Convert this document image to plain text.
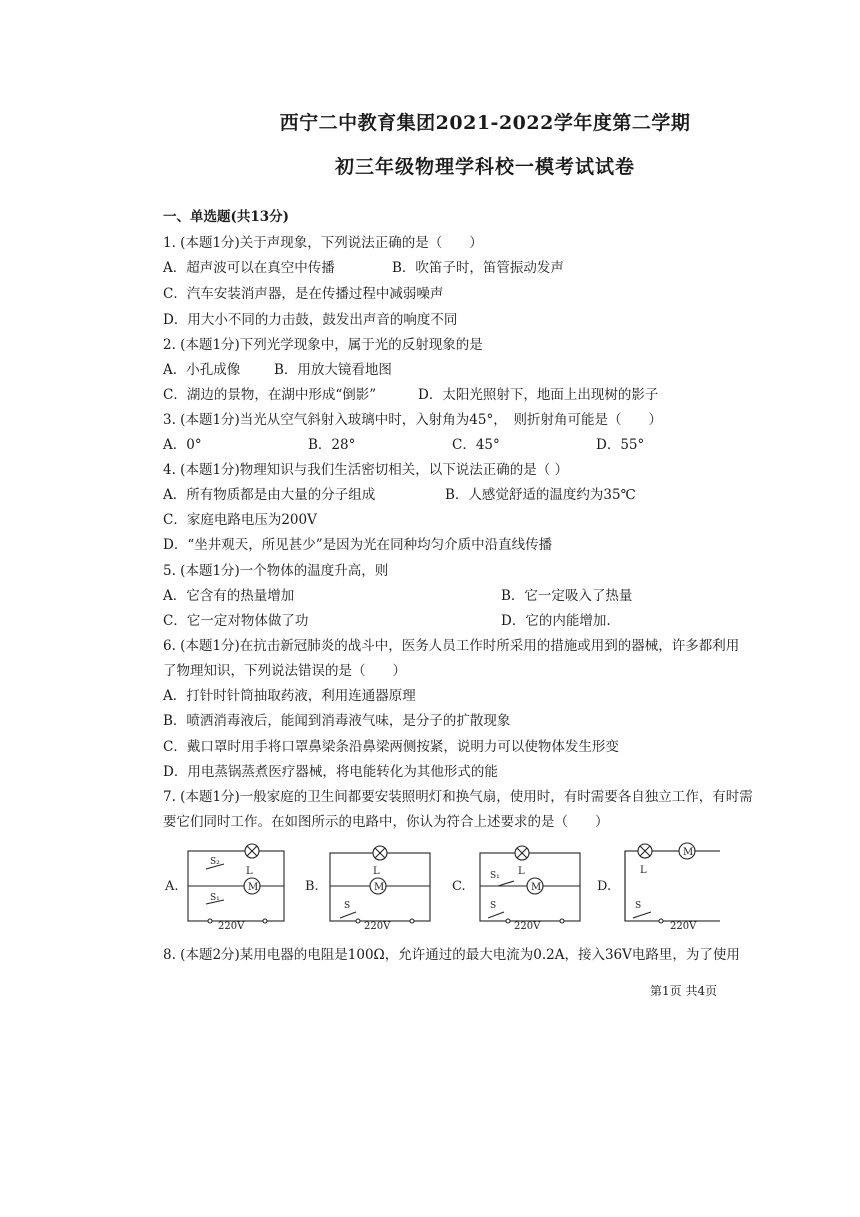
西宁二中教育集团2021-2022学年度第二学期
初三年级物理学科校一模考试试卷
一、单选题(共13分)
1. (本题1分)关于声现象，下列说法正确的是（　　）
A．超声波可以在真空中传播	B．吹笛子时，笛管振动发声
C．汽车安装消声器，是在传播过程中减弱噪声
D．用大小不同的力击鼓，鼓发出声音的响度不同
2. (本题1分)下列光学现象中，属于光的反射现象的是
A．小孔成像	B．用放大镜看地图
C．湖边的景物，在湖中形成“倒影”	D．太阳光照射下，地面上出现树的影子
3. (本题1分)当光从空气斜射入玻璃中时，入射角为45°，　则折射角可能是（　　）
A．0°	B．28°	C．45°	D．55°
4. (本题1分)物理知识与我们生活密切相关，以下说法正确的是（ ）
A．所有物质都是由大量的分子组成	B．人感觉舒适的温度约为35℃
C．家庭电路电压为200V
D．“坐井观天，所见甚少”是因为光在同种均匀介质中沿直线传播
5. (本题1分)一个物体的温度升高，则
A．它含有的热量增加	B．它一定吸入了热量
C．它一定对物体做了功	D．它的内能增加.
6. (本题1分)在抗击新冠肺炎的战斗中，医务人员工作时所采用的措施或用到的器械，许多都利用
了物理知识，下列说法错误的是（　　）
A．打针时针筒抽取药液，利用连通器原理
B．喷洒消毒液后，能闻到消毒液气味，是分子的扩散现象
C．戴口罩时用手将口罩鼻梁条沿鼻梁两侧按紧，说明力可以使物体发生形变
D．用电蒸锅蒸煮医疗器械，将电能转化为其他形式的能
7. (本题1分)一般家庭的卫生间都要安装照明灯和换气扇，使用时，有时需要各自独立工作，有时需
要它们同时工作。在如图所示的电路中，你认为符合上述要求的是（　　）
A.	M
L
S₂
S₁
220V
B.	M
L
S
220V
C.	M
L
S₁
S
220V
D.
M
L
S
220V
8. (本题2分)某用电器的电阻是100Ω，允许通过的最大电流为0.2A，接入36V电路里，为了使用
第1页 共4页
